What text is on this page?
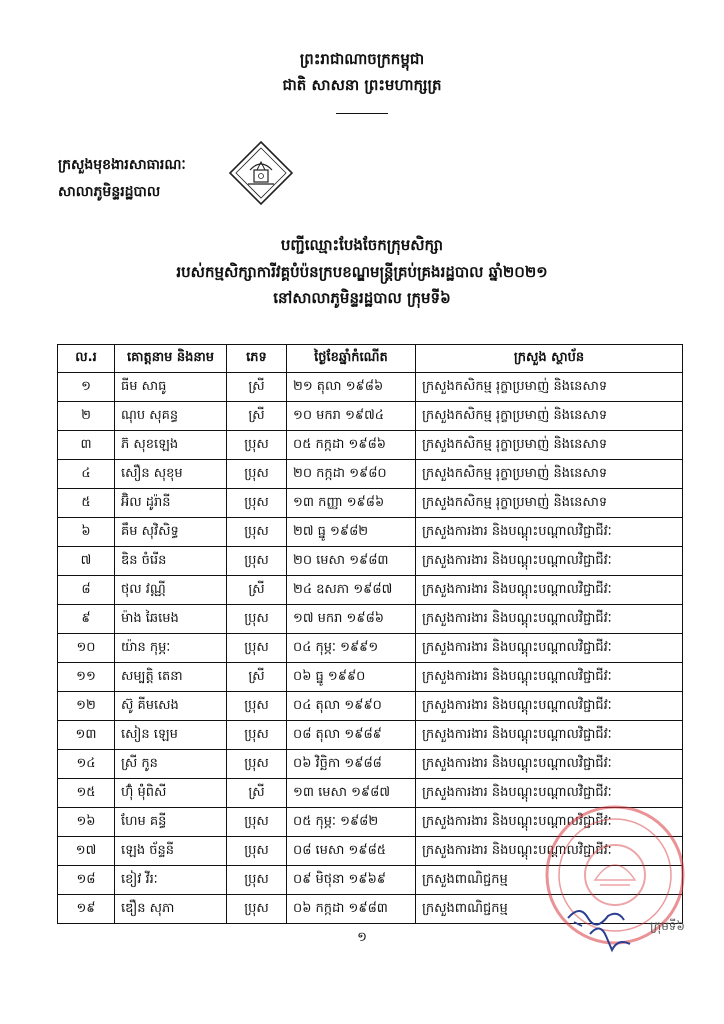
ព្រះរាជាណាចក្រកម្ពុជា
ជាតិ សាសនា ព្រះមហាក្សត្រ
ក្រសួងមុខងារសាធារណៈ
សាលាភូមិន្ទរដ្ឋបាល
បញ្ជីឈ្មោះបែងចែកក្រុមសិក្សា
របស់កម្មសិក្សាការីវគ្គបំប៉នក្របខណ្ឌមន្ត្រីគ្រប់គ្រងរដ្ឋបាល ឆ្នាំ២០២១
នៅសាលាភូមិន្ទរដ្ឋបាល ក្រុមទី៦
ល.រ	គោត្តនាម និងនាម	ភេទ	ថ្ងៃខែឆ្នាំកំណើត	ក្រសួង ស្ថាប័ន
១	ធីម សាធូ	ស្រី	២១ តុលា ១៩៨៦	ក្រសួងកសិកម្ម រុក្ខាប្រមាញ់ និងនេសាទ
២	ណុប សុគន្ធ	ស្រី	១០ មករា ១៩៧៤	ក្រសួងកសិកម្ម រុក្ខាប្រមាញ់ និងនេសាទ
៣	ភ៊ សុខឡេង	ប្រុស	០៥ កក្កដា ១៩៨៦	ក្រសួងកសិកម្ម រុក្ខាប្រមាញ់ និងនេសាទ
៤	សឿន សុខុម	ប្រុស	២០ កក្កដា ១៩៨០	ក្រសួងកសិកម្ម រុក្ខាប្រមាញ់ និងនេសាទ
៥	អ៊ិល ដូរ៉ានី	ប្រុស	១៣ កញ្ញា ១៩៨៦	ក្រសួងកសិកម្ម រុក្ខាប្រមាញ់ និងនេសាទ
៦	គឹម សុវិសិទ្ធ	ប្រុស	២៧ ធ្នូ ១៩៨២	ក្រសួងការងារ និងបណ្តុះបណ្តាលវិជ្ជាជីវៈ
៧	ឌិន ចំរើន	ប្រុស	២០ មេសា ១៩៨៣	ក្រសួងការងារ និងបណ្តុះបណ្តាលវិជ្ជាជីវៈ
៨	ថុល វណ្ណី	ស្រី	២៤ ឧសភា ១៩៨៧	ក្រសួងការងារ និងបណ្តុះបណ្តាលវិជ្ជាជីវៈ
៩	ម៉ាង ឆៃមេង	ប្រុស	១៧ មករា ១៩៨៦	ក្រសួងការងារ និងបណ្តុះបណ្តាលវិជ្ជាជីវៈ
១០	យ៉ាន កុម្ភៈ	ប្រុស	០៤ កុម្ភៈ ១៩៩១	ក្រសួងការងារ និងបណ្តុះបណ្តាលវិជ្ជាជីវៈ
១១	សម្បត្តិ តេនា	ស្រី	០៦ ធ្នូ ១៩៩០	ក្រសួងការងារ និងបណ្តុះបណ្តាលវិជ្ជាជីវៈ
១២	ស៊ូ គីមសេង	ប្រុស	០៤ តុលា ១៩៩០	ក្រសួងការងារ និងបណ្តុះបណ្តាលវិជ្ជាជីវៈ
១៣	សៀន ឡេម	ប្រុស	០៨ តុលា ១៩៨៩	ក្រសួងការងារ និងបណ្តុះបណ្តាលវិជ្ជាជីវៈ
១៤	ស្រី កូន	ប្រុស	០៦ វិច្ឆិកា ១៩៨៨	ក្រសួងការងារ និងបណ្តុះបណ្តាលវិជ្ជាជីវៈ
១៥	ហ៊ុំ ម៉ុំពិសី	ស្រី	១៣ មេសា ១៩៨៧	ក្រសួងការងារ និងបណ្តុះបណ្តាលវិជ្ជាជីវៈ
១៦	ហែម គន្ធី	ប្រុស	០៥ កុម្ភៈ ១៩៨២	ក្រសួងការងារ និងបណ្តុះបណ្តាលវិជ្ជាជីវៈ
១៧	ឡេង ច័ន្ទនី	ប្រុស	០៨ មេសា ១៩៨៥	ក្រសួងការងារ និងបណ្តុះបណ្តាលវិជ្ជាជីវៈ
១៨	ខៀវ វីរៈ	ប្រុស	០៩ មិថុនា ១៩៦៩	ក្រសួងពាណិជ្ជកម្ម
១៩	ឌឿន សុភា	ប្រុស	០៦ កក្កដា ១៩៨៣	ក្រសួងពាណិជ្ជកម្ម
១
ក្រុមទី៦
